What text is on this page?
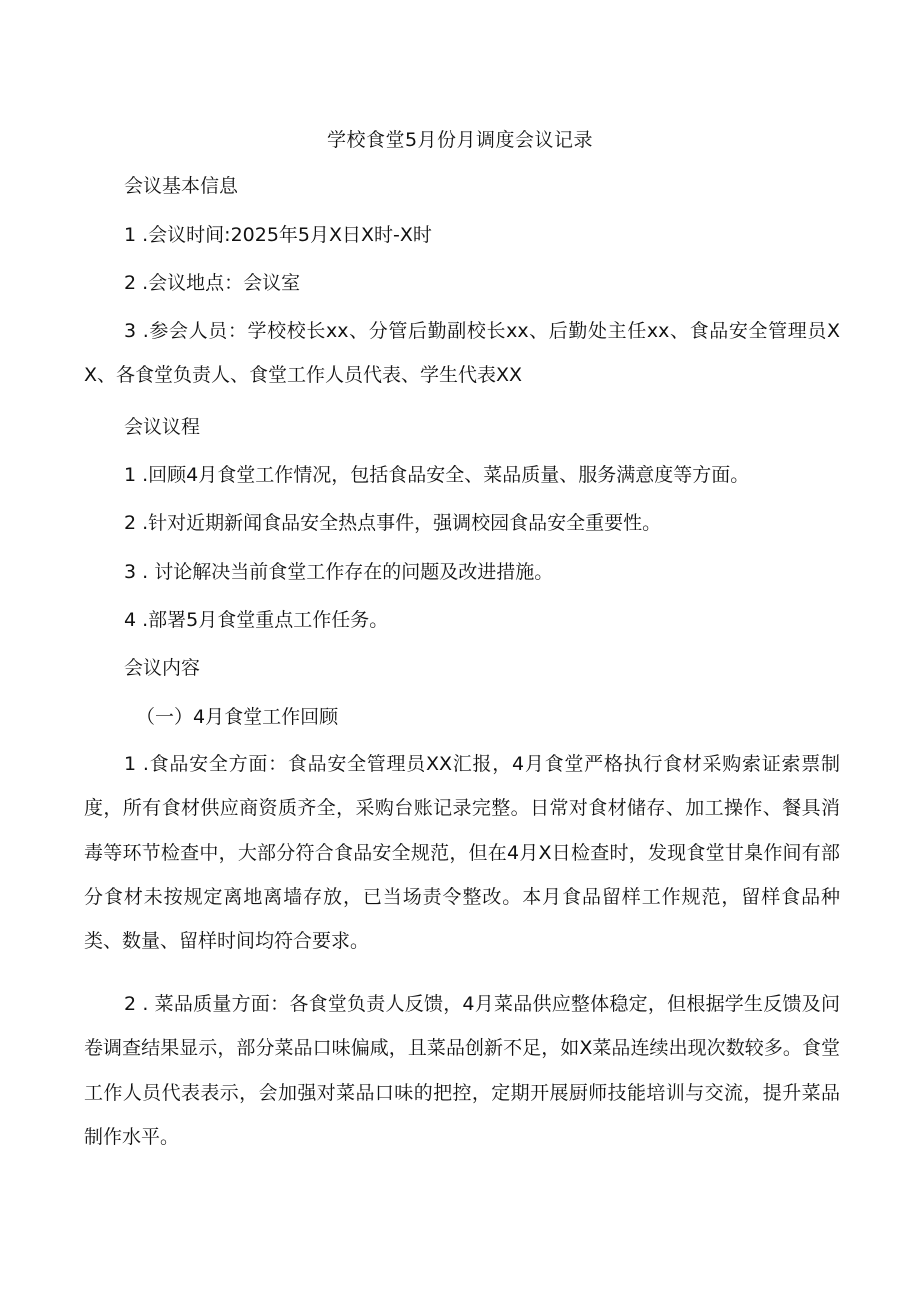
学校食堂5月份月调度会议记录
会议基本信息
1 .会议时间:2025年5月X日X时-X时
2 .会议地点：会议室
3 .参会人员：学校校长xx、分管后勤副校长xx、后勤处主任xx、食品安全管理员XX、各食堂负责人、食堂工作人员代表、学生代表XX
会议议程
1 .回顾4月食堂工作情况，包括食品安全、菜品质量、服务满意度等方面。
2 .针对近期新闻食品安全热点事件，强调校园食品安全重要性。
3 . 讨论解决当前食堂工作存在的问题及改进措施。
4 .部署5月食堂重点工作任务。
会议内容
（一）4月食堂工作回顾
1 .食品安全方面：食品安全管理员XX汇报，4月食堂严格执行食材采购索证索票制度，所有食材供应商资质齐全，采购台账记录完整。日常对食材储存、加工操作、餐具消毒等环节检查中，大部分符合食品安全规范，但在4月X日检查时，发现食堂甘臬作间有部分食材未按规定离地离墙存放，已当场责令整改。本月食品留样工作规范，留样食品种类、数量、留样时间均符合要求。
2 . 菜品质量方面：各食堂负责人反馈，4月菜品供应整体稳定，但根据学生反馈及问卷调查结果显示，部分菜品口味偏咸，且菜品创新不足，如X菜品连续出现次数较多。食堂工作人员代表表示，会加强对菜品口味的把控，定期开展厨师技能培训与交流，提升菜品制作水平。
